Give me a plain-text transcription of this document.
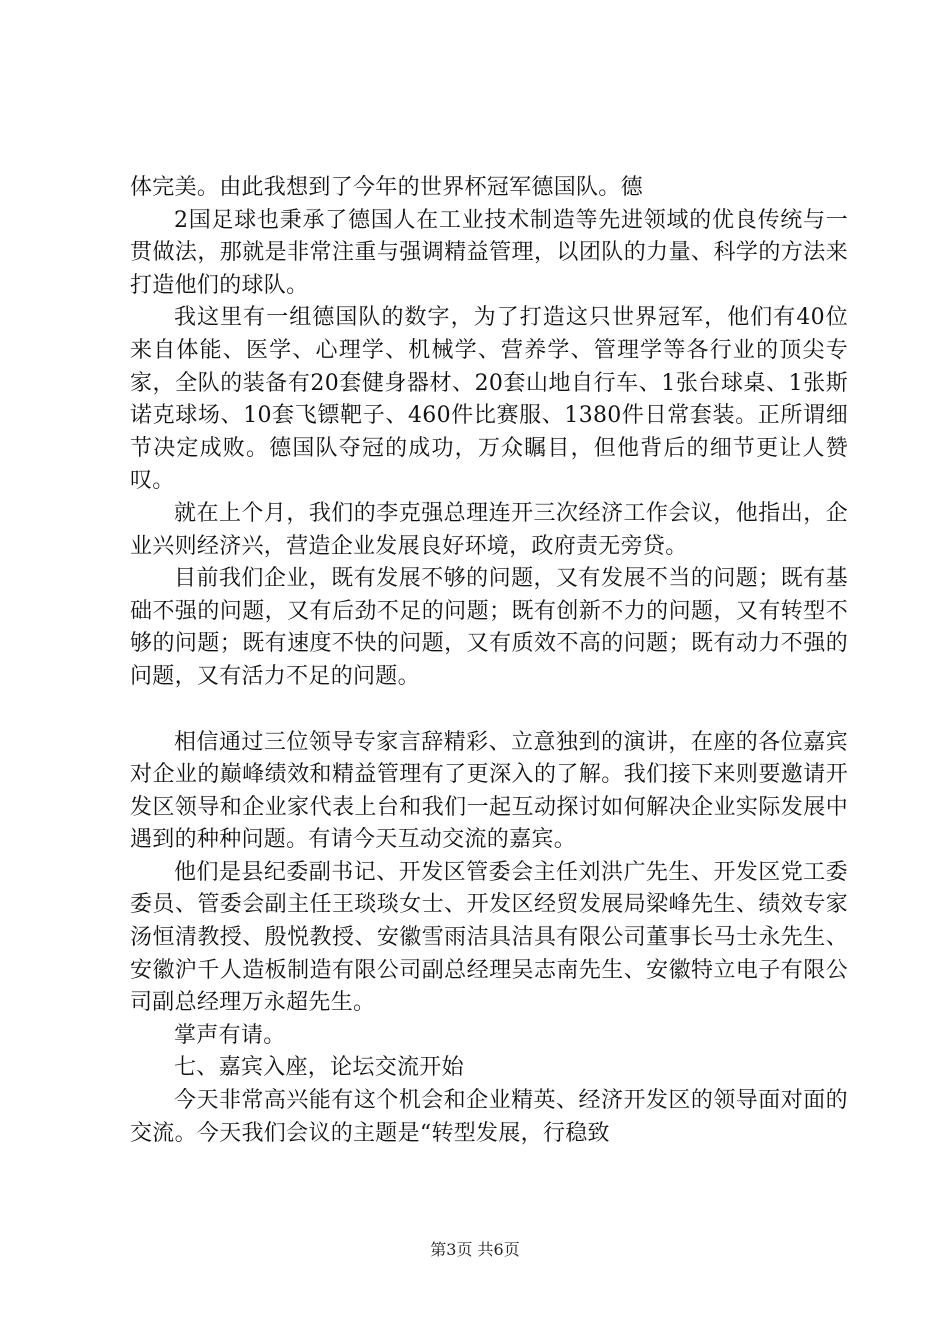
体完美。由此我想到了今年的世界杯冠军德国队。德

2国足球也秉承了德国人在工业技术制造等先进领域的优良传统与一贯做法，那就是非常注重与强调精益管理，以团队的力量、科学的方法来打造他们的球队。

我这里有一组德国队的数字，为了打造这只世界冠军，他们有40位来自体能、医学、心理学、机械学、营养学、管理学等各行业的顶尖专家，全队的装备有20套健身器材、20套山地自行车、1张台球桌、1张斯诺克球场、10套飞镖靶子、460件比赛服、1380件日常套装。正所谓细节决定成败。德国队夺冠的成功，万众瞩目，但他背后的细节更让人赞叹。

就在上个月，我们的李克强总理连开三次经济工作会议，他指出，企业兴则经济兴，营造企业发展良好环境，政府责无旁贷。

目前我们企业，既有发展不够的问题，又有发展不当的问题；既有基础不强的问题，又有后劲不足的问题；既有创新不力的问题，又有转型不够的问题；既有速度不快的问题，又有质效不高的问题；既有动力不强的问题，又有活力不足的问题。

相信通过三位领导专家言辞精彩、立意独到的演讲，在座的各位嘉宾对企业的巅峰绩效和精益管理有了更深入的了解。我们接下来则要邀请开发区领导和企业家代表上台和我们一起互动探讨如何解决企业实际发展中遇到的种种问题。有请今天互动交流的嘉宾。

他们是县纪委副书记、开发区管委会主任刘洪广先生、开发区党工委委员、管委会副主任王琰琰女士、开发区经贸发展局梁峰先生、绩效专家汤恒清教授、殷悦教授、安徽雪雨洁具洁具有限公司董事长马士永先生、安徽沪千人造板制造有限公司副总经理吴志南先生、安徽特立电子有限公司副总经理万永超先生。

掌声有请。

七、嘉宾入座，论坛交流开始

今天非常高兴能有这个机会和企业精英、经济开发区的领导面对面的交流。今天我们会议的主题是“转型发展，行稳致

第3页 共6页
